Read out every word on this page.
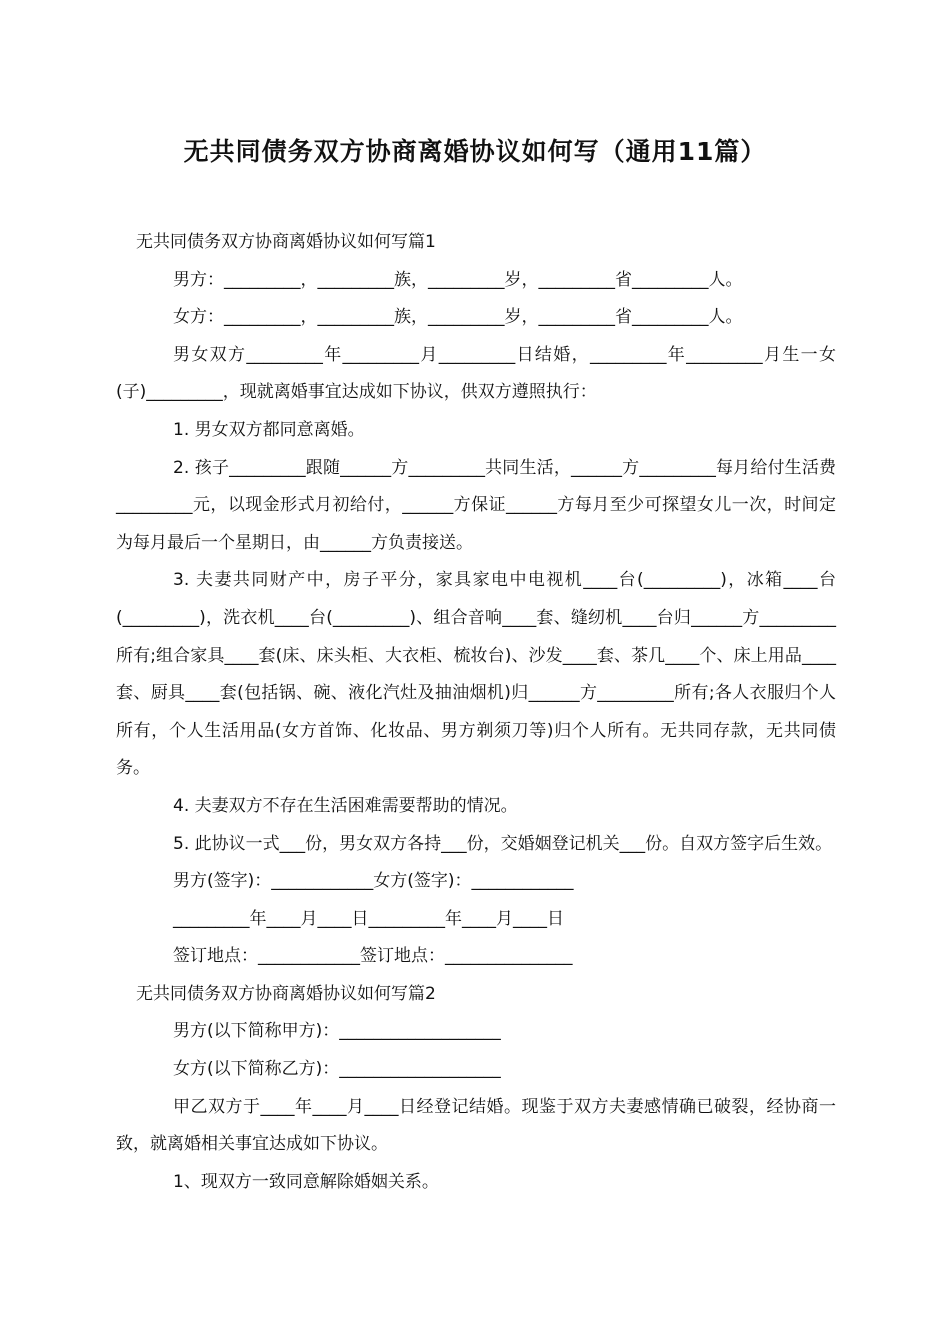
无共同债务双方协商离婚协议如何写（通用11篇）

无共同债务双方协商离婚协议如何写篇1

男方：_________，_________族，_________岁，_________省_________人。

女方：_________，_________族，_________岁，_________省_________人。

男女双方_________年_________月_________日结婚，_________年_________月生一女(子)_________，现就离婚事宜达成如下协议，供双方遵照执行：

1. 男女双方都同意离婚。

2. 孩子_________跟随______方_________共同生活，______方_________每月给付生活费_________元，以现金形式月初给付，______方保证______方每月至少可探望女儿一次，时间定为每月最后一个星期日，由______方负责接送。

3. 夫妻共同财产中，房子平分，家具家电中电视机____台(_________)，冰箱____台(_________)，洗衣机____台(_________)、组合音响____套、缝纫机____台归______方_________所有;组合家具____套(床、床头柜、大衣柜、梳妆台)、沙发____套、茶几____个、床上用品____套、厨具____套(包括锅、碗、液化汽灶及抽油烟机)归______方_________所有;各人衣服归个人所有，个人生活用品(女方首饰、化妆品、男方剃须刀等)归个人所有。无共同存款，无共同债务。

4. 夫妻双方不存在生活困难需要帮助的情况。

5. 此协议一式___份，男女双方各持___份，交婚姻登记机关___份。自双方签字后生效。

男方(签字)：____________女方(签字)：____________

_________年____月____日_________年____月____日

签订地点：____________签订地点：_______________

无共同债务双方协商离婚协议如何写篇2

男方(以下简称甲方)：___________________

女方(以下简称乙方)：___________________

甲乙双方于____年____月____日经登记结婚。现鉴于双方夫妻感情确已破裂，经协商一致，就离婚相关事宜达成如下协议。

1、现双方一致同意解除婚姻关系。
